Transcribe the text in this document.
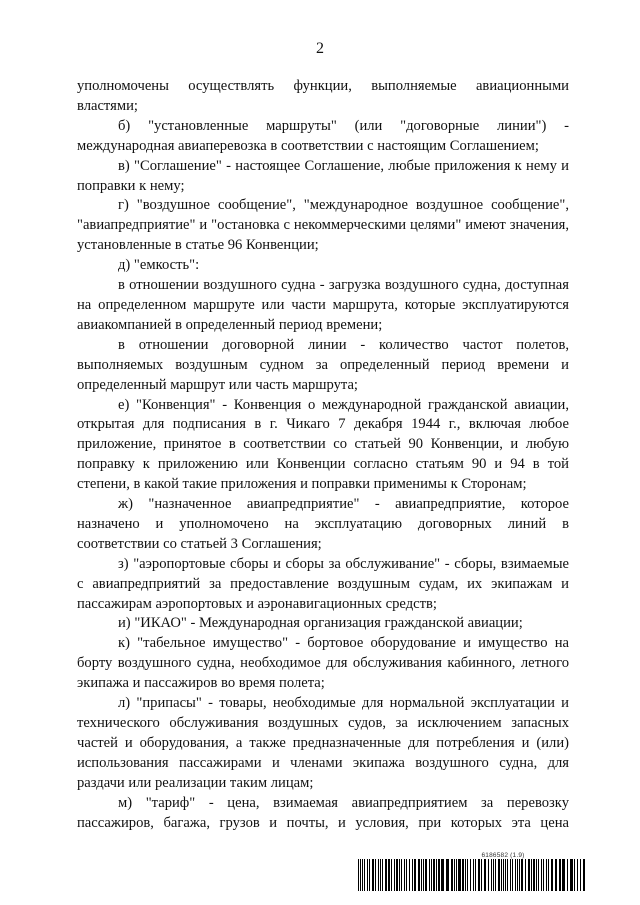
2

уполномочены осуществлять функции, выполняемые авиационными властями;

б) "установленные маршруты" (или "договорные линии") - международная авиаперевозка в соответствии с настоящим Соглашением;

в) "Соглашение" - настоящее Соглашение, любые приложения к нему и поправки к нему;

г) "воздушное сообщение", "международное воздушное сообщение", "авиапредприятие" и "остановка с некоммерческими целями" имеют значения, установленные в статье 96 Конвенции;

д) "емкость":

в отношении воздушного судна - загрузка воздушного судна, доступная на определенном маршруте или части маршрута, которые эксплуатируются авиакомпанией в определенный период времени;

в отношении договорной линии - количество частот полетов, выполняемых воздушным судном за определенный период времени и определенный маршрут или часть маршрута;

е) "Конвенция" - Конвенция о международной гражданской авиации, открытая для подписания в г. Чикаго 7 декабря 1944 г., включая любое приложение, принятое в соответствии со статьей 90 Конвенции, и любую поправку к приложению или Конвенции согласно статьям 90 и 94 в той степени, в какой такие приложения и поправки применимы к Сторонам;

ж) "назначенное авиапредприятие" - авиапредприятие, которое назначено и уполномочено на эксплуатацию договорных линий в соответствии со статьей 3 Соглашения;

з) "аэропортовые сборы и сборы за обслуживание" - сборы, взимаемые с авиапредприятий за предоставление воздушным судам, их экипажам и пассажирам аэропортовых и аэронавигационных средств;

и) "ИКАО" - Международная организация гражданской авиации;

к) "табельное имущество" - бортовое оборудование и имущество на борту воздушного судна, необходимое для обслуживания кабинного, летного экипажа и пассажиров во время полета;

л) "припасы" - товары, необходимые для нормальной эксплуатации и технического обслуживания воздушных судов, за исключением запасных частей и оборудования, а также предназначенные для потребления и (или) использования пассажирами и членами экипажа воздушного судна, для раздачи или реализации таким лицам;

м) "тариф" - цена, взимаемая авиапредприятием за перевозку пассажиров, багажа, грузов и почты, и условия, при которых эта цена

6186582 (1.9)
